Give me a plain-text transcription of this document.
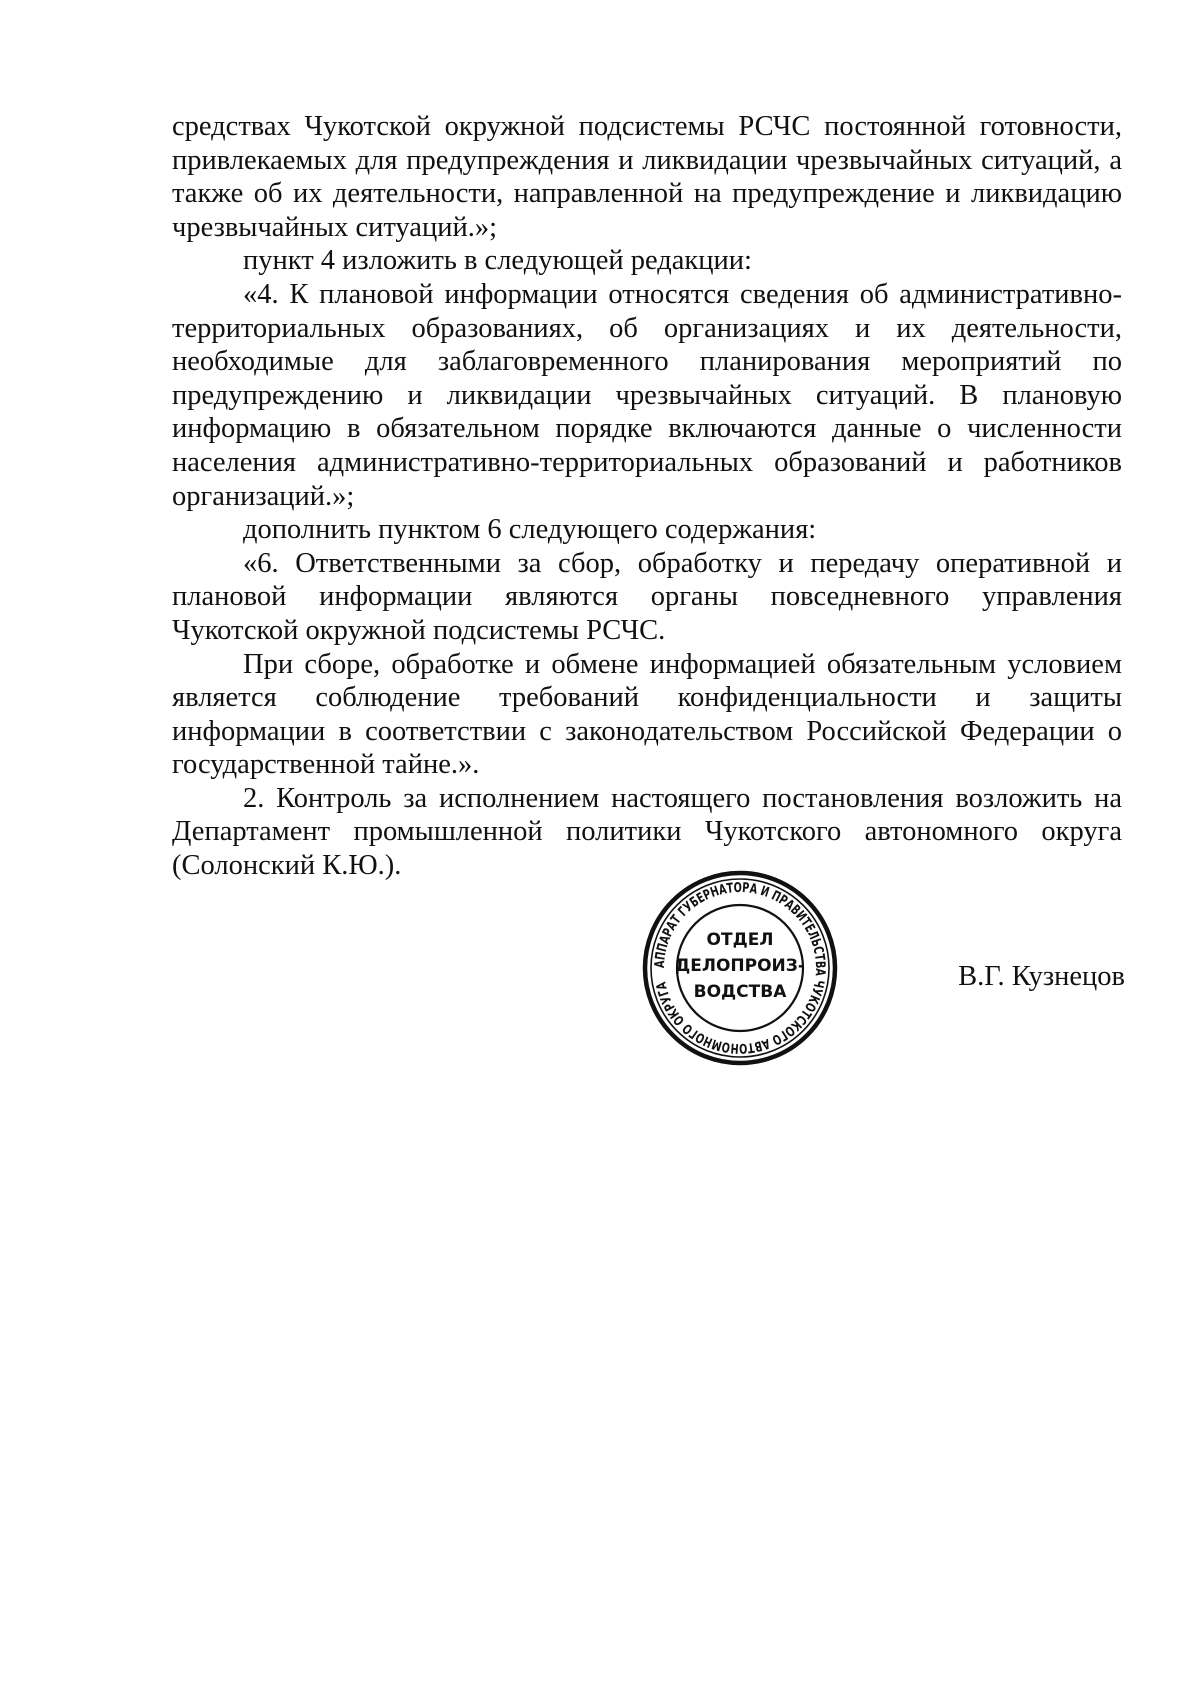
средствах Чукотской окружной подсистемы РСЧС постоянной готовности, привлекаемых для предупреждения и ликвидации чрезвычайных ситуаций, а также об их деятельности, направленной на предупреждение и ликвидацию чрезвычайных ситуаций.»;

пункт 4 изложить в следующей редакции:

«4. К плановой информации относятся сведения об административно-территориальных образованиях, об организациях и их деятельности, необходимые для заблаговременного планирования мероприятий по предупреждению и ликвидации чрезвычайных ситуаций. В плановую информацию в обязательном порядке включаются данные о численности населения административно-территориальных образований и работников организаций.»;

дополнить пунктом 6 следующего содержания:

«6. Ответственными за сбор, обработку и передачу оперативной и плановой информации являются органы повседневного управления Чукотской окружной подсистемы РСЧС.

При сборе, обработке и обмене информацией обязательным условием является соблюдение требований конфиденциальности и защиты информации в соответствии с законодательством Российской Федерации о государственной тайне.».

2. Контроль за исполнением настоящего постановления возложить на Департамент промышленной политики Чукотского автономного округа (Солонский К.Ю.).

АППАРАТ ГУБЕРНАТОРА И ПРАВИТЕЛЬСТВА ЧУКОТСКОГО АВТОНОМНОГО ОКРУГА
ОТДЕЛ
ДЕЛОПРОИЗ-
ВОДСТВА	В.Г. Кузнецов
